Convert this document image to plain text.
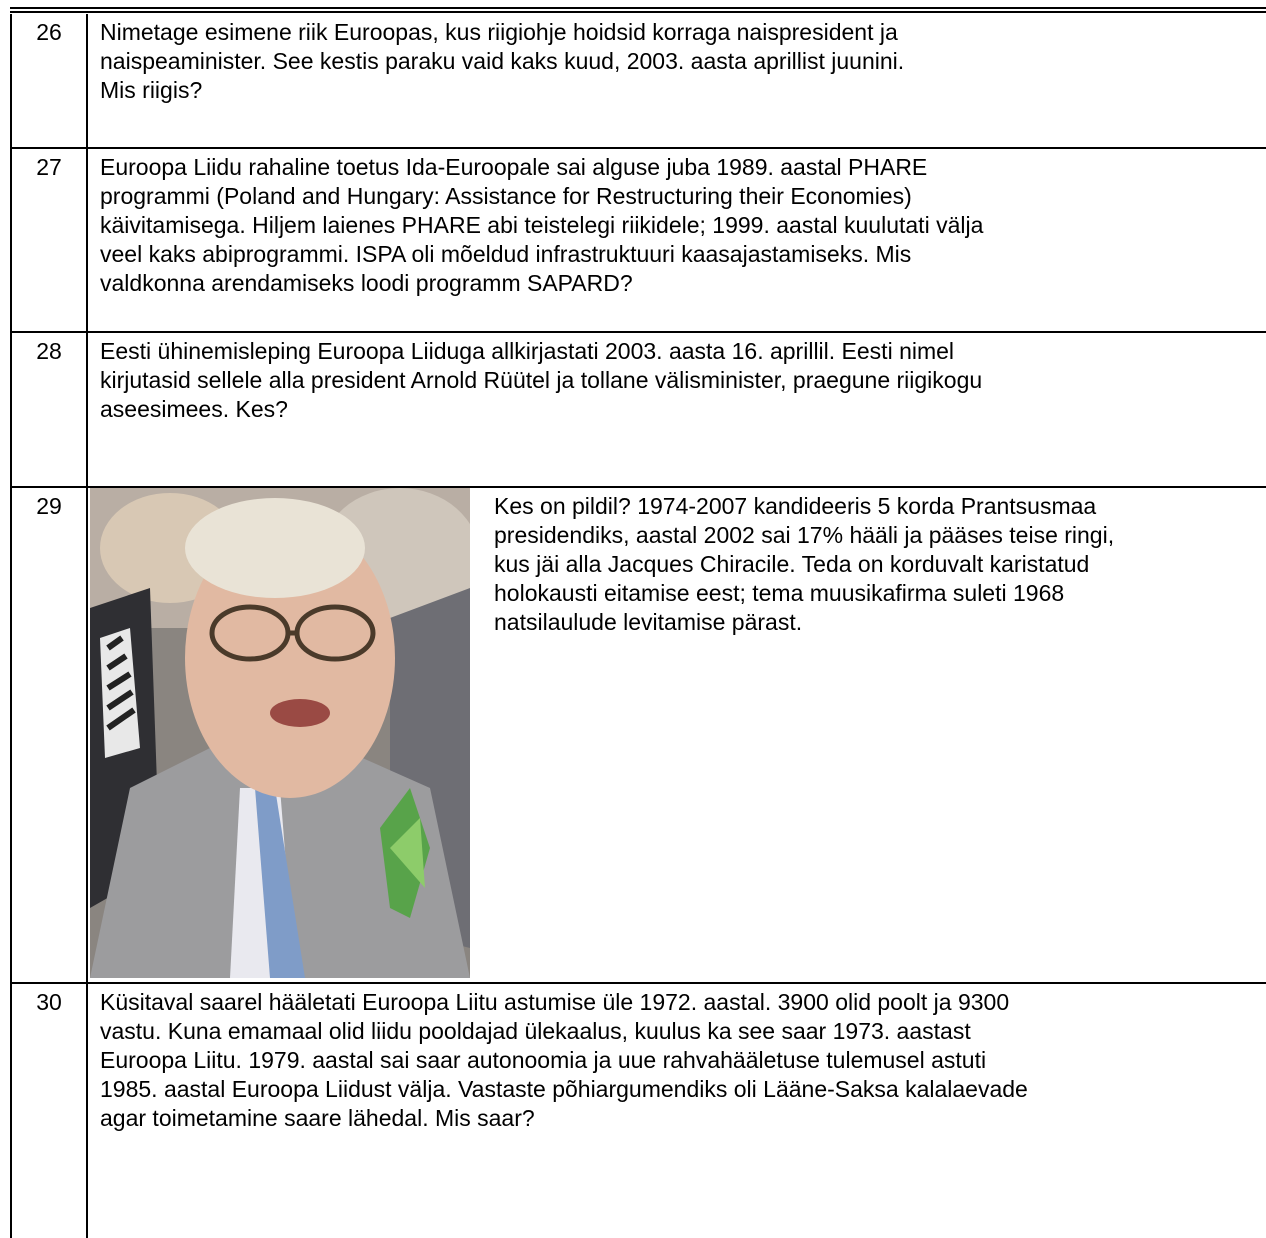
26	Nimetage esimene riik Euroopas, kus riigiohje hoidsid korraga naispresident ja
naispeaminister. See kestis paraku vaid kaks kuud, 2003. aasta aprillist juunini.
Mis riigis?

27	Euroopa Liidu rahaline toetus Ida-Euroopale sai alguse juba 1989. aastal PHARE
programmi (Poland and Hungary: Assistance for Restructuring their Economies)
käivitamisega. Hiljem laienes PHARE abi teistelegi riikidele; 1999. aastal kuulutati välja
veel kaks abiprogrammi. ISPA oli mõeldud infrastruktuuri kaasajastamiseks. Mis
valdkonna arendamiseks loodi programm SAPARD?

28	Eesti ühinemisleping Euroopa Liiduga allkirjastati 2003. aasta 16. aprillil. Eesti nimel
kirjutasid sellele alla president Arnold Rüütel ja tollane välisminister, praegune riigikogu
aseesimees. Kes?

29	Kes on pildil? 1974-2007 kandideeris 5 korda Prantsusmaa
presidendiks, aastal 2002 sai 17% hääli ja pääses teise ringi,
kus jäi alla Jacques Chiracile. Teda on korduvalt karistatud
holokausti eitamise eest; tema muusikafirma suleti 1968
natsilaulude levitamise pärast.

30	Küsitaval saarel hääletati Euroopa Liitu astumise üle 1972. aastal. 3900 olid poolt ja 9300
vastu. Kuna emamaal olid liidu pooldajad ülekaalus, kuulus ka see saar 1973. aastast
Euroopa Liitu. 1979. aastal sai saar autonoomia ja uue rahvahääletuse tulemusel astuti
1985. aastal Euroopa Liidust välja. Vastaste põhiargumendiks oli Lääne-Saksa kalalaevade
agar toimetamine saare lähedal. Mis saar?
